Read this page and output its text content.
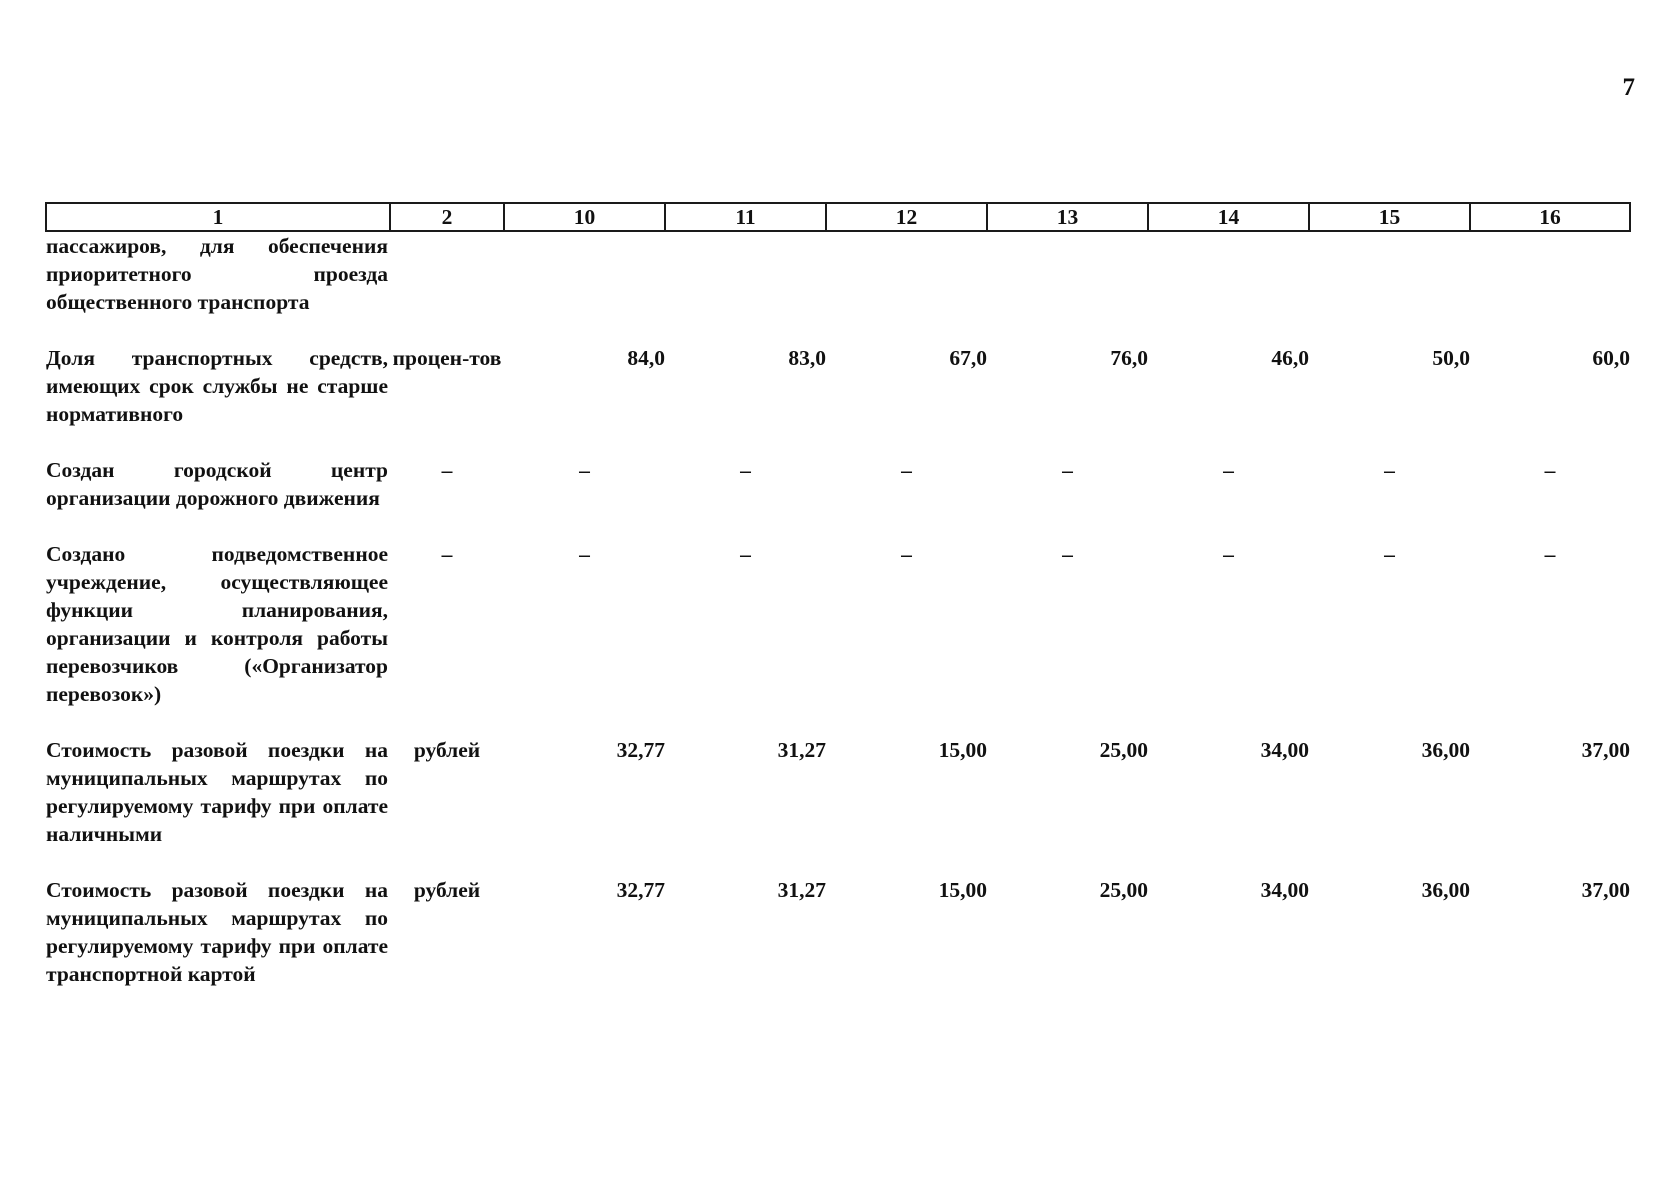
7
1	2	10	11	12	13	14	15	16
пассажиров, для обеспечения приоритетного проезда общественного транспорта								

Доля транспортных средств, имеющих срок службы не старше нормативного	процен-тов	84,0	83,0	67,0	76,0	46,0	50,0	60,0

Создан городской центр организации дорожного движения	–	–	–	–	–	–	–	–

Создано подведомственное учреждение, осуществляющее функции планирования, организации и контроля работы перевозчиков («Организатор перевозок»)	–	–	–	–	–	–	–	–

Стоимость разовой поездки на муниципальных маршрутах по регулируемому тарифу при оплате наличными	рублей	32,77	31,27	15,00	25,00	34,00	36,00	37,00

Стоимость разовой поездки на муниципальных маршрутах по регулируемому тарифу при оплате транспортной картой	рублей	32,77	31,27	15,00	25,00	34,00	36,00	37,00
